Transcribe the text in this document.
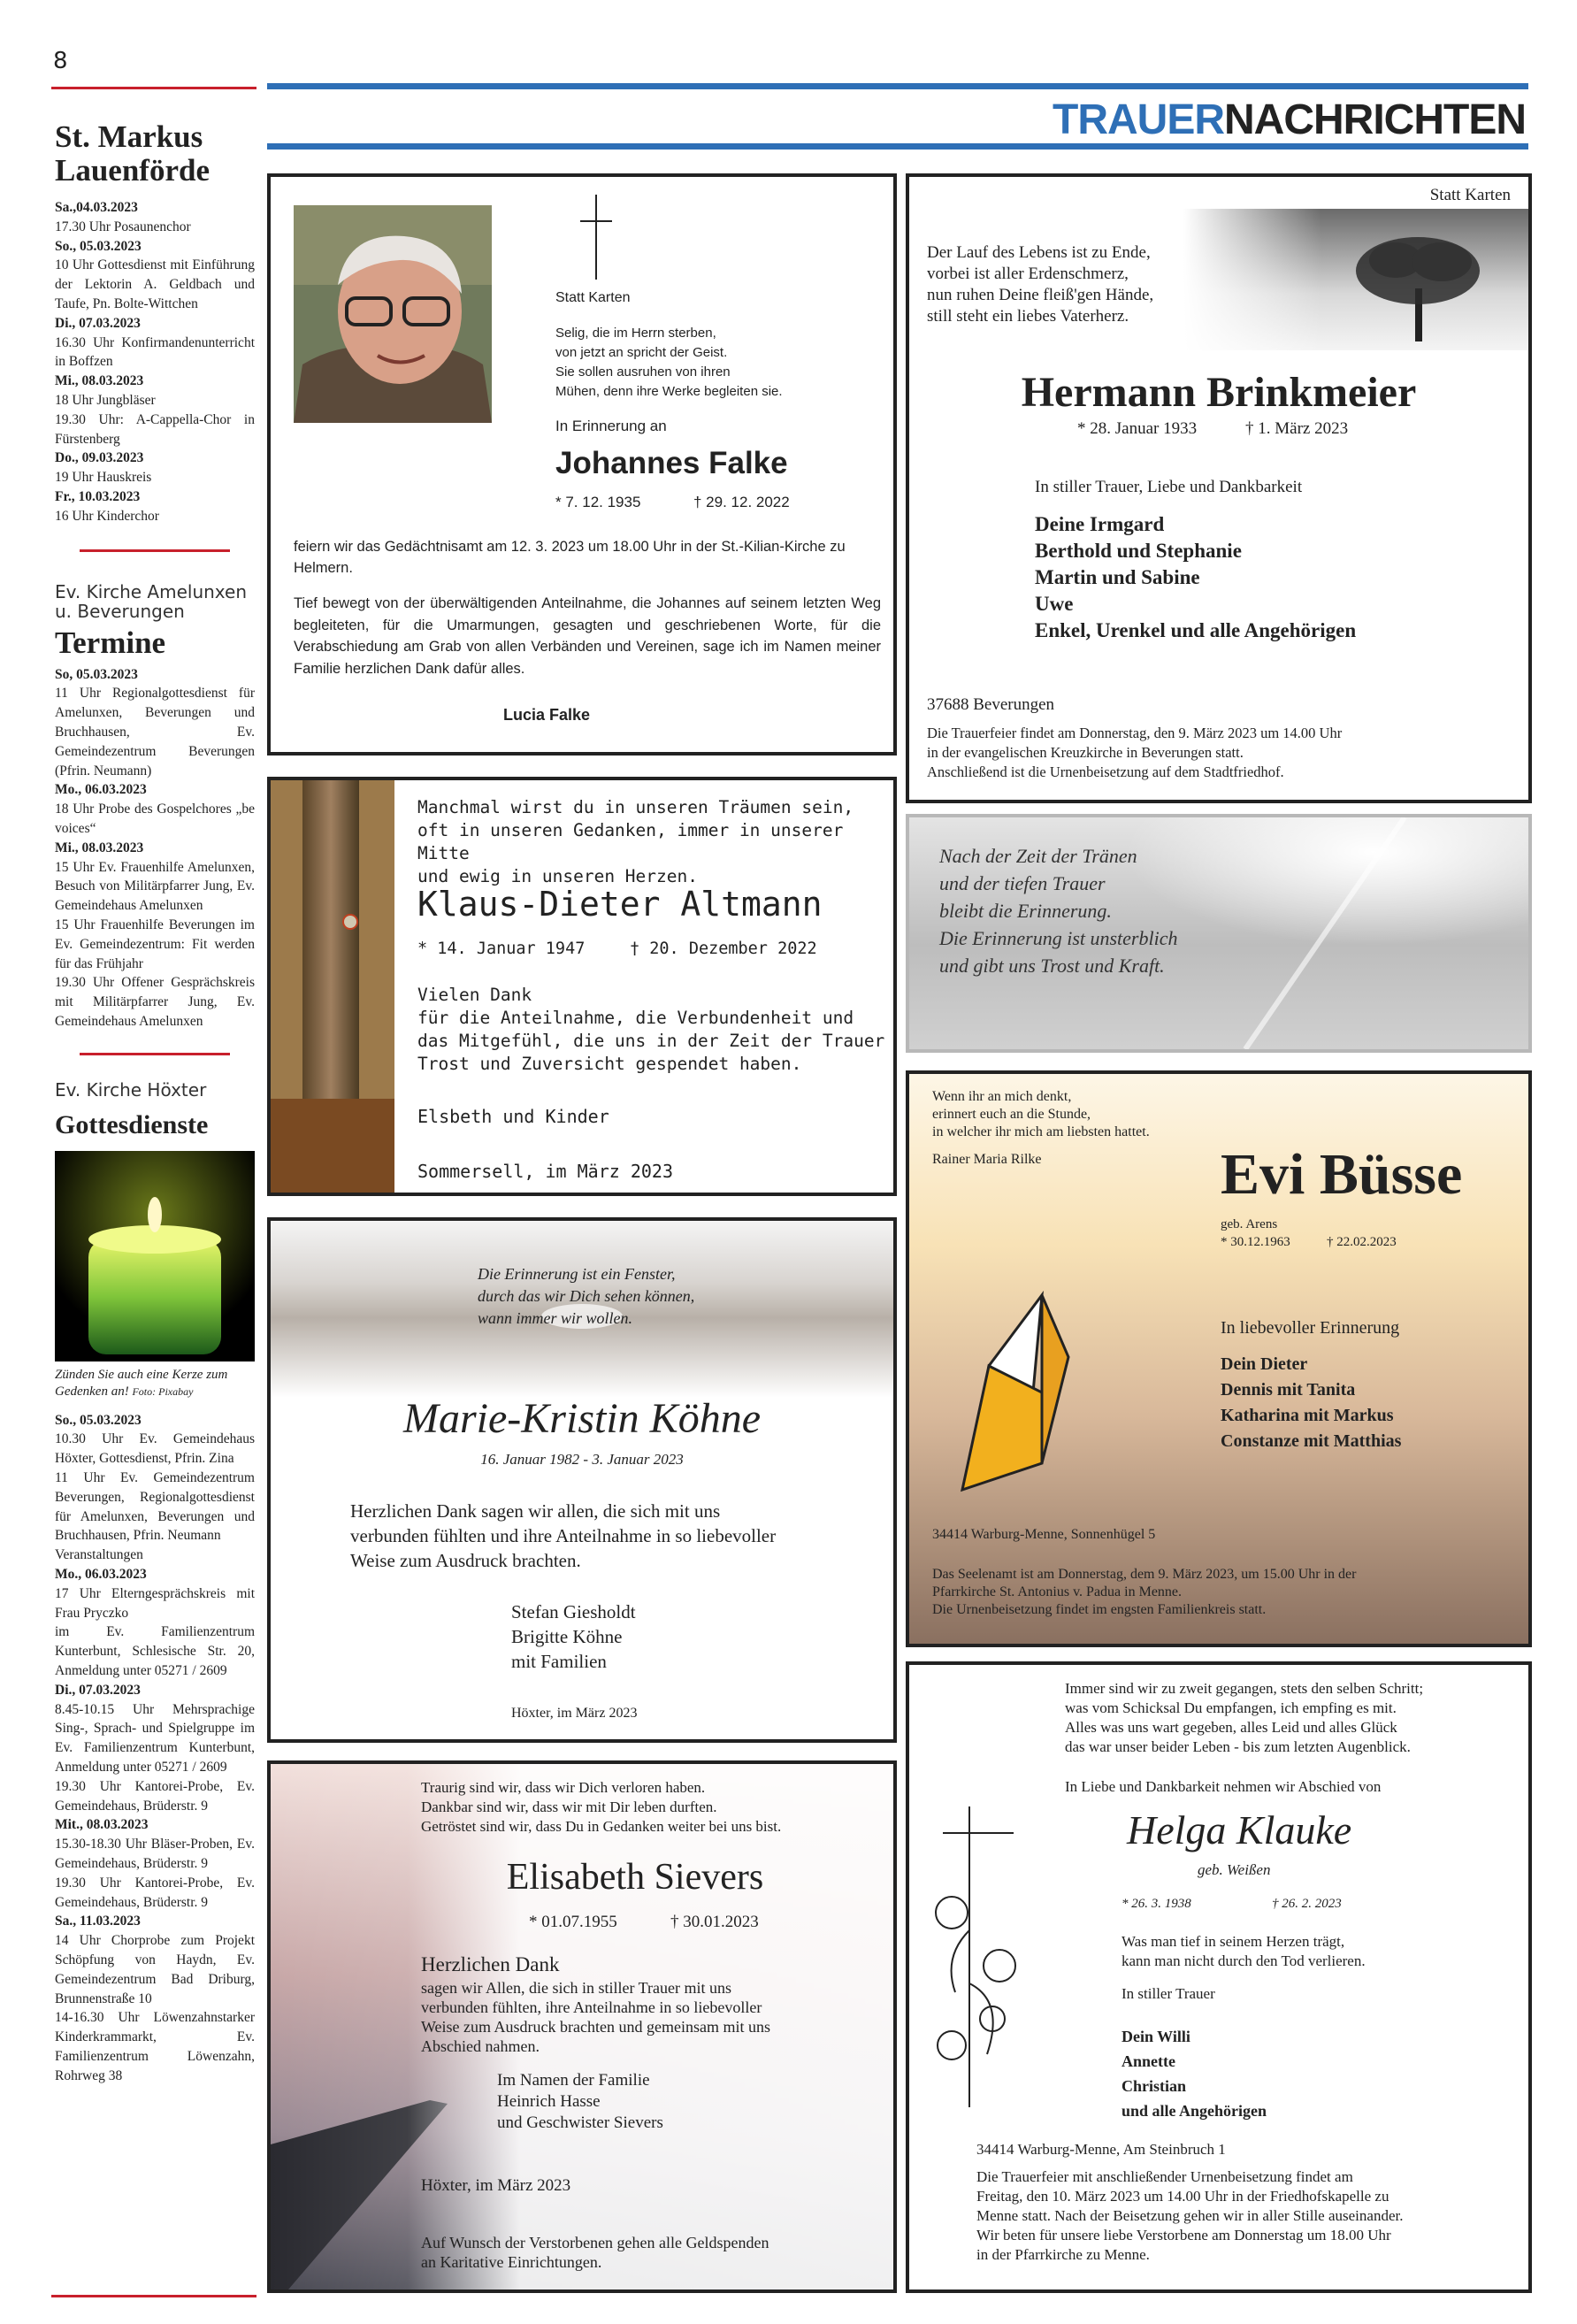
8
TRAUERNACHRICHTEN
St. Markus Lauenförde
Sa.,04.03.2023
17.30 Uhr Posaunenchor
So., 05.03.2023
10 Uhr Gottesdienst mit Einführung der Lektorin A. Geldbach und Taufe, Pn. Bolte-Wittchen
Di., 07.03.2023
16.30 Uhr Konfirmandenunterricht in Boffzen
Mi., 08.03.2023
18 Uhr Jungbläser
19.30 Uhr: A-Cappella-Chor in Fürstenberg
Do., 09.03.2023
19 Uhr Hauskreis
Fr., 10.03.2023
16 Uhr Kinderchor
Ev. Kirche Amelunxen u. Beverungen
Termine
So, 05.03.2023
11 Uhr Regionalgottesdienst für Amelunxen, Beverungen und Bruchhausen, Ev. Gemeindezentrum Beverungen (Pfrin. Neumann)
Mo., 06.03.2023
18 Uhr Probe des Gospelchores „be voices“
Mi., 08.03.2023
15 Uhr Ev. Frauenhilfe Amelunxen, Besuch von Militärpfarrer Jung, Ev. Gemeindehaus Amelunxen
15 Uhr Frauenhilfe Beverungen im Ev. Gemeindezentrum: Fit werden für das Frühjahr
19.30 Uhr Offener Gesprächskreis mit Militärpfarrer Jung, Ev. Gemeindehaus Amelunxen
Ev. Kirche Höxter
Gottesdienste
Zünden Sie auch eine Kerze zum Gedenken an! Foto: Pixabay
So., 05.03.2023
10.30 Uhr Ev. Gemeindehaus Höxter, Gottesdienst, Pfrin. Zina
11 Uhr Ev. Gemeindezentrum Beverungen, Regionalgottesdienst für Amelunxen, Beverungen und Bruchhausen, Pfrin. Neumann
Veranstaltungen
Mo., 06.03.2023
17 Uhr Elterngesprächskreis mit Frau Pryczko
im Ev. Familienzentrum Kunterbunt, Schlesische Str. 20, Anmeldung unter 05271 / 2609
Di., 07.03.2023
8.45-10.15 Uhr Mehrsprachige Sing-, Sprach- und Spielgruppe im Ev. Familienzentrum Kunterbunt, Anmeldung unter 05271 / 2609
19.30 Uhr Kantorei-Probe, Ev. Gemeindehaus, Brüderstr. 9
Mit., 08.03.2023
15.30-18.30 Uhr Bläser-Proben, Ev. Gemeindehaus, Brüderstr. 9
19.30 Uhr Kantorei-Probe, Ev. Gemeindehaus, Brüderstr. 9
Sa., 11.03.2023
14 Uhr Chorprobe zum Projekt Schöpfung von Haydn, Ev. Gemeindezentrum Bad Driburg, Brunnenstraße 10
14-16.30 Uhr Löwenzahnstarker Kinderkrammarkt, Ev. Familienzentrum Löwenzahn, Rohrweg 38
Statt Karten
Selig, die im Herrn sterben,
von jetzt an spricht der Geist.
Sie sollen ausruhen von ihren
Mühen, denn ihre Werke begleiten sie.
In Erinnerung an
Johannes Falke
* 7. 12. 1935	† 29. 12. 2022
feiern wir das Gedächtnisamt am 12. 3. 2023 um 18.00 Uhr in der St.-Kilian-Kirche zu Helmern.
Tief bewegt von der überwältigenden Anteilnahme, die Johannes auf seinem letzten Weg begleiteten, für die Umarmungen, gesagten und geschriebenen Worte, für die Verabschiedung am Grab von allen Verbänden und Vereinen, sage ich im Namen meiner Familie herzlichen Dank dafür alles.
Lucia Falke
Statt Karten
Der Lauf des Lebens ist zu Ende,
vorbei ist aller Erdenschmerz,
nun ruhen Deine fleiß'gen Hände,
still steht ein liebes Vaterherz.
Hermann Brinkmeier
* 28. Januar 1933	† 1. März 2023
In stiller Trauer, Liebe und Dankbarkeit
Deine Irmgard
Berthold und Stephanie
Martin und Sabine
Uwe
Enkel, Urenkel und alle Angehörigen
37688 Beverungen
Die Trauerfeier findet am Donnerstag, den 9. März 2023 um 14.00 Uhr
in der evangelischen Kreuzkirche in Beverungen statt.
Anschließend ist die Urnenbeisetzung auf dem Stadtfriedhof.
Manchmal wirst du in unseren Träumen sein,
oft in unseren Gedanken, immer in unserer Mitte
und ewig in unseren Herzen.
Klaus-Dieter Altmann
* 14. Januar 1947	† 20. Dezember 2022
Vielen Dank
für die Anteilnahme, die Verbundenheit und
das Mitgefühl, die uns in der Zeit der Trauer
Trost und Zuversicht gespendet haben.
Elsbeth und Kinder
Sommersell, im März 2023
Nach der Zeit der Tränen
und der tiefen Trauer
bleibt die Erinnerung.
Die Erinnerung ist unsterblich
und gibt uns Trost und Kraft.
Die Erinnerung ist ein Fenster,
durch das wir Dich sehen können,
wann immer wir wollen.
Marie-Kristin Köhne
16. Januar 1982 - 3. Januar 2023
Herzlichen Dank sagen wir allen, die sich mit uns
verbunden fühlten und ihre Anteilnahme in so liebevoller
Weise zum Ausdruck brachten.
Stefan Giesholdt
Brigitte Köhne
mit Familien
Höxter, im März 2023
Wenn ihr an mich denkt,
erinnert euch an die Stunde,
in welcher ihr mich am liebsten hattet.
Rainer Maria Rilke	Evi Büsse
geb. Arens
* 30.12.1963	† 22.02.2023
In liebevoller Erinnerung
Dein Dieter
Dennis mit Tanita
Katharina mit Markus
Constanze mit Matthias
34414 Warburg-Menne, Sonnenhügel 5
Das Seelenamt ist am Donnerstag, dem 9. März 2023, um 15.00 Uhr in der
Pfarrkirche St. Antonius v. Padua in Menne.
Die Urnenbeisetzung findet im engsten Familienkreis statt.
Traurig sind wir, dass wir Dich verloren haben.
Dankbar sind wir, dass wir mit Dir leben durften.
Getröstet sind wir, dass Du in Gedanken weiter bei uns bist.
Elisabeth Sievers
* 01.07.1955	† 30.01.2023
Herzlichen Dank
sagen wir Allen, die sich in stiller Trauer mit uns
verbunden fühlten, ihre Anteilnahme in so liebevoller
Weise zum Ausdruck brachten und gemeinsam mit uns
Abschied nahmen.
Im Namen der Familie
Heinrich Hasse
und Geschwister Sievers
Höxter, im März 2023
Auf Wunsch der Verstorbenen gehen alle Geldspenden
an Karitative Einrichtungen.
Immer sind wir zu zweit gegangen, stets den selben Schritt;
was vom Schicksal Du empfangen, ich empfing es mit.
Alles was uns wart gegeben, alles Leid und alles Glück
das war unser beider Leben - bis zum letzten Augenblick.
In Liebe und Dankbarkeit nehmen wir Abschied von
Helga Klauke
geb. Weißen
* 26. 3. 1938	† 26. 2. 2023
Was man tief in seinem Herzen trägt,
kann man nicht durch den Tod verlieren.
In stiller Trauer
Dein Willi
Annette
Christian
und alle Angehörigen
34414 Warburg-Menne, Am Steinbruch 1
Die Trauerfeier mit anschließender Urnenbeisetzung findet am
Freitag, den 10. März 2023 um 14.00 Uhr in der Friedhofskapelle zu
Menne statt. Nach der Beisetzung gehen wir in aller Stille auseinander.
Wir beten für unsere liebe Verstorbene am Donnerstag um 18.00 Uhr
in der Pfarrkirche zu Menne.
